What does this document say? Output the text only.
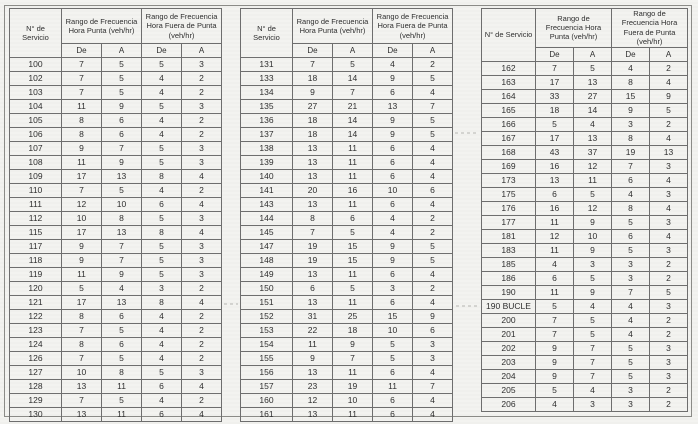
N° de Servicio	Rango de Frecuencia Hora Punta (veh/hr)		Rango de Frecuencia Hora Fuera de Punta (veh/hr)	
	De	A	De	A
100	7	5	5	3
102	7	5	4	2
103	7	5	4	2
104	11	9	5	3
105	8	6	4	2
106	8	6	4	2
107	9	7	5	3
108	11	9	5	3
109	17	13	8	4
110	7	5	4	2
111	12	10	6	4
112	10	8	5	3
115	17	13	8	4
117	9	7	5	3
118	9	7	5	3
119	11	9	5	3
120	5	4	3	2
121	17	13	8	4
122	8	6	4	2
123	7	5	4	2
124	8	6	4	2
126	7	5	4	2
127	10	8	5	3
128	13	11	6	4
129	7	5	4	2
130	13	11	6	4
N° de Servicio	Rango de Frecuencia Hora Punta (veh/hr)		Rango de Frecuencia Hora Fuera de Punta (veh/hr)	
	De	A	De	A
131	7	5	4	2
133	18	14	9	5
134	9	7	6	4
135	27	21	13	7
136	18	14	9	5
137	18	14	9	5
138	13	11	6	4
139	13	11	6	4
140	13	11	6	4
141	20	16	10	6
143	13	11	6	4
144	8	6	4	2
145	7	5	4	2
147	19	15	9	5
148	19	15	9	5
149	13	11	6	4
150	6	5	3	2
151	13	11	6	4
152	31	25	15	9
153	22	18	10	6
154	11	9	5	3
155	9	7	5	3
156	13	11	6	4
157	23	19	11	7
160	12	10	6	4
161	13	11	6	4
N° de Servicio	Rango de Frecuencia Hora Punta (veh/hr)		Rango de Frecuencia Hora Fuera de Punta (veh/hr)	
	De	A	De	A
162	7	5	4	2
163	17	13	8	4
164	33	27	15	9
165	18	14	9	5
166	5	4	3	2
167	17	13	8	4
168	43	37	19	13
169	16	12	7	3
173	13	11	6	4
175	6	5	4	3
176	16	12	8	4
177	11	9	5	3
181	12	10	6	4
183	11	9	5	3
185	4	3	3	2
186	6	5	3	2
190	11	9	7	5
190 BUCLE	5	4	4	3
200	7	5	4	2
201	7	5	4	2
202	9	7	5	3
203	9	7	5	3
204	9	7	5	3
205	5	4	3	2
206	4	3	3	2
